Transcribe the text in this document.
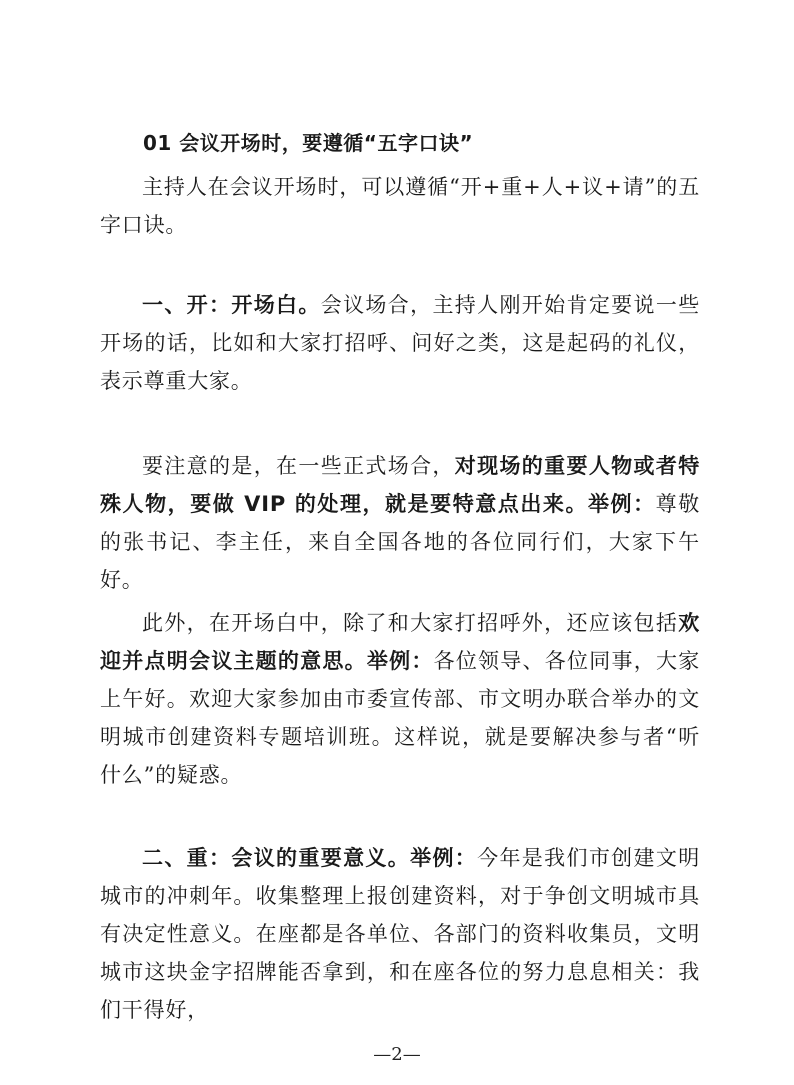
01 会议开场时，要遵循“五字口诀”

主持人在会议开场时，可以遵循“开+重+人+议+请”的五字口诀。

一、开：开场白。会议场合，主持人刚开始肯定要说一些开场的话，比如和大家打招呼、问好之类，这是起码的礼仪，表示尊重大家。

要注意的是，在一些正式场合，对现场的重要人物或者特殊人物，要做 VIP 的处理，就是要特意点出来。举例：尊敬的张书记、李主任，来自全国各地的各位同行们，大家下午好。

此外，在开场白中，除了和大家打招呼外，还应该包括欢迎并点明会议主题的意思。举例：各位领导、各位同事，大家上午好。欢迎大家参加由市委宣传部、市文明办联合举办的文明城市创建资料专题培训班。这样说，就是要解决参与者“听什么”的疑惑。

二、重：会议的重要意义。举例：今年是我们市创建文明城市的冲刺年。收集整理上报创建资料，对于争创文明城市具有决定性意义。在座都是各单位、各部门的资料收集员，文明城市这块金字招牌能否拿到，和在座各位的努力息息相关：我们干得好，

—2—
